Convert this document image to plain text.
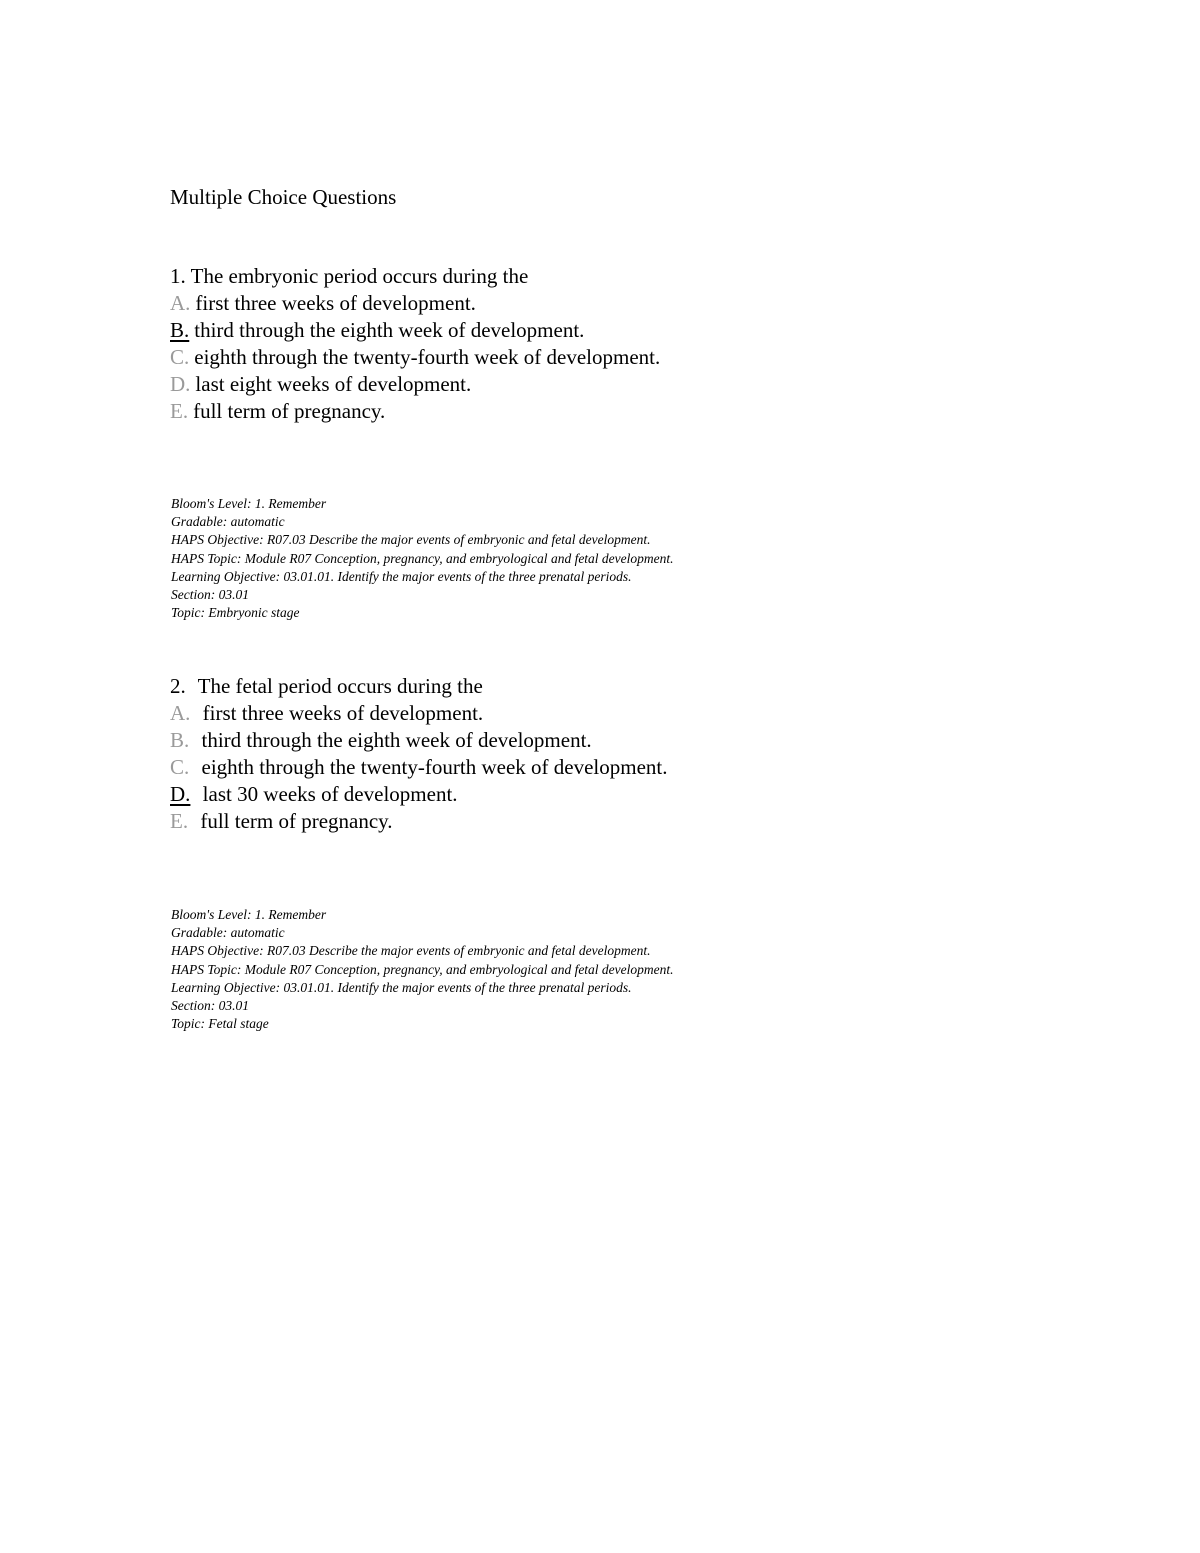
Multiple Choice Questions
1. The embryonic period occurs during the
A. first three weeks of development.
B. third through the eighth week of development.
C. eighth through the twenty-fourth week of development.
D. last eight weeks of development.
E. full term of pregnancy.
Bloom's Level: 1. Remember
Gradable: automatic
HAPS Objective: R07.03 Describe the major events of embryonic and fetal development.
HAPS Topic: Module R07 Conception, pregnancy, and embryological and fetal development.
Learning Objective: 03.01.01. Identify the major events of the three prenatal periods.
Section: 03.01
Topic: Embryonic stage
2. The fetal period occurs during the
A. first three weeks of development.
B. third through the eighth week of development.
C. eighth through the twenty-fourth week of development.
D. last 30 weeks of development.
E. full term of pregnancy.
Bloom's Level: 1. Remember
Gradable: automatic
HAPS Objective: R07.03 Describe the major events of embryonic and fetal development.
HAPS Topic: Module R07 Conception, pregnancy, and embryological and fetal development.
Learning Objective: 03.01.01. Identify the major events of the three prenatal periods.
Section: 03.01
Topic: Fetal stage
